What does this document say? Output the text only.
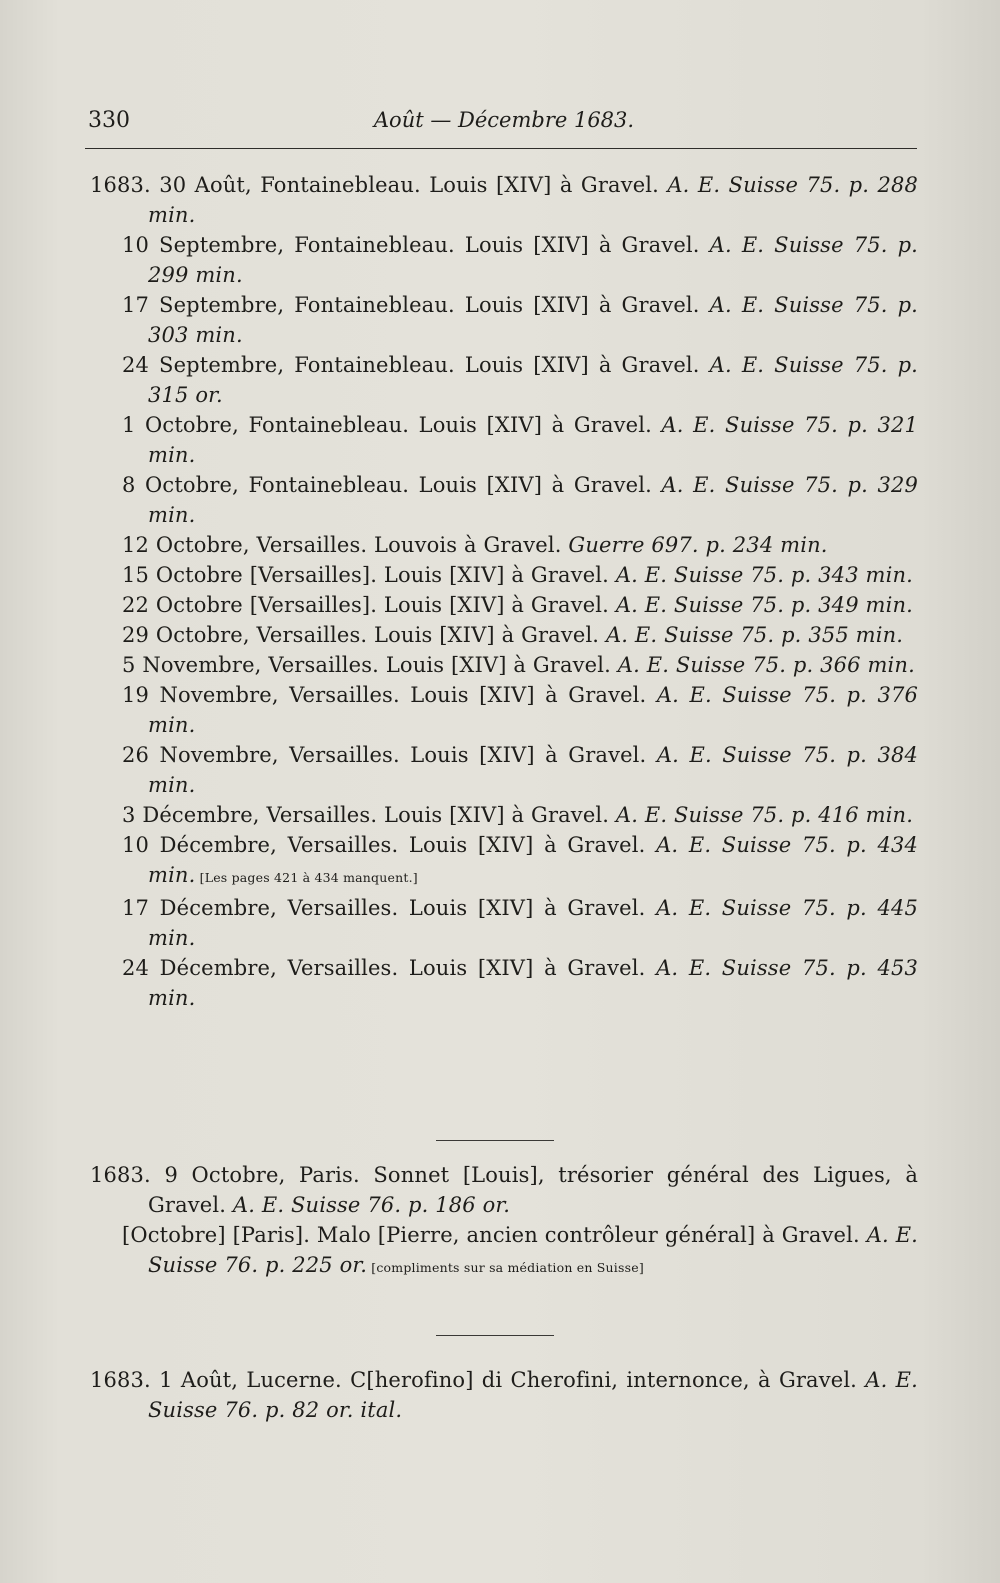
330	Août — Décembre 1683.
1683. 30 Août, Fontainebleau. Louis [XIV] à Gravel. A. E. Suisse 75. p. 288 min.
10 Septembre, Fontainebleau. Louis [XIV] à Gravel. A. E. Suisse 75. p. 299 min.
17 Septembre, Fontainebleau. Louis [XIV] à Gravel. A. E. Suisse 75. p. 303 min.
24 Septembre, Fontainebleau. Louis [XIV] à Gravel. A. E. Suisse 75. p. 315 or.
1 Octobre, Fontainebleau. Louis [XIV] à Gravel. A. E. Suisse 75. p. 321 min.
8 Octobre, Fontainebleau. Louis [XIV] à Gravel. A. E. Suisse 75. p. 329 min.
12 Octobre, Versailles. Louvois à Gravel. Guerre 697. p. 234 min.
15 Octobre [Versailles]. Louis [XIV] à Gravel. A. E. Suisse 75. p. 343 min.
22 Octobre [Versailles]. Louis [XIV] à Gravel. A. E. Suisse 75. p. 349 min.
29 Octobre, Versailles. Louis [XIV] à Gravel. A. E. Suisse 75. p. 355 min.
5 Novembre, Versailles. Louis [XIV] à Gravel. A. E. Suisse 75. p. 366 min.
19 Novembre, Versailles. Louis [XIV] à Gravel. A. E. Suisse 75. p. 376 min.
26 Novembre, Versailles. Louis [XIV] à Gravel. A. E. Suisse 75. p. 384 min.
3 Décembre, Versailles. Louis [XIV] à Gravel. A. E. Suisse 75. p. 416 min.
10 Décembre, Versailles. Louis [XIV] à Gravel. A. E. Suisse 75. p. 434 min. [Les pages 421 à 434 manquent.]
17 Décembre, Versailles. Louis [XIV] à Gravel. A. E. Suisse 75. p. 445 min.
24 Décembre, Versailles. Louis [XIV] à Gravel. A. E. Suisse 75. p. 453 min.
1683. 9 Octobre, Paris. Sonnet [Louis], trésorier général des Ligues, à Gravel. A. E. Suisse 76. p. 186 or.
[Octobre] [Paris]. Malo [Pierre, ancien contrôleur général] à Gravel. A. E. Suisse 76. p. 225 or. [compliments sur sa médiation en Suisse]
1683. 1 Août, Lucerne. C[herofino] di Cherofini, internonce, à Gravel. A. E. Suisse 76. p. 82 or. ital.
